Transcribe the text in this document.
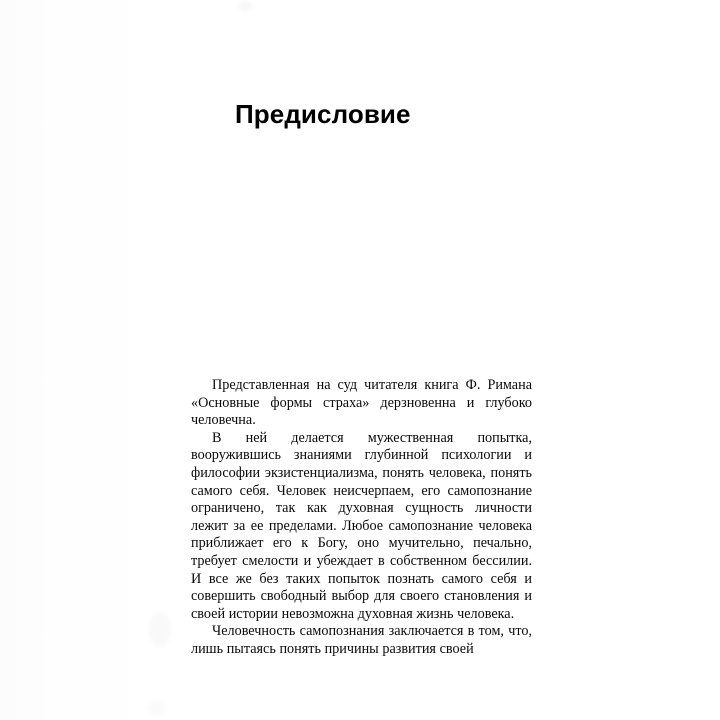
Предисловие

Представленная на суд читателя книга Ф. Римана «Основные формы страха» дерзновенна и глубоко человечна.

В ней делается мужественная попытка, вооружившись знаниями глубинной психологии и философии экзистенциализма, понять человека, понять самого себя. Человек неисчерпаем, его самопознание ограничено, так как духовная сущность личности лежит за ее пределами. Любое самопознание человека приближает его к Богу, оно мучительно, печально, требует смелости и убеждает в собственном бессилии. И все же без таких попыток познать самого себя и совершить свободный выбор для своего становления и своей истории невозможна духовная жизнь человека.

Человечность самопознания заключается в том, что, лишь пытаясь понять причины развития своей
